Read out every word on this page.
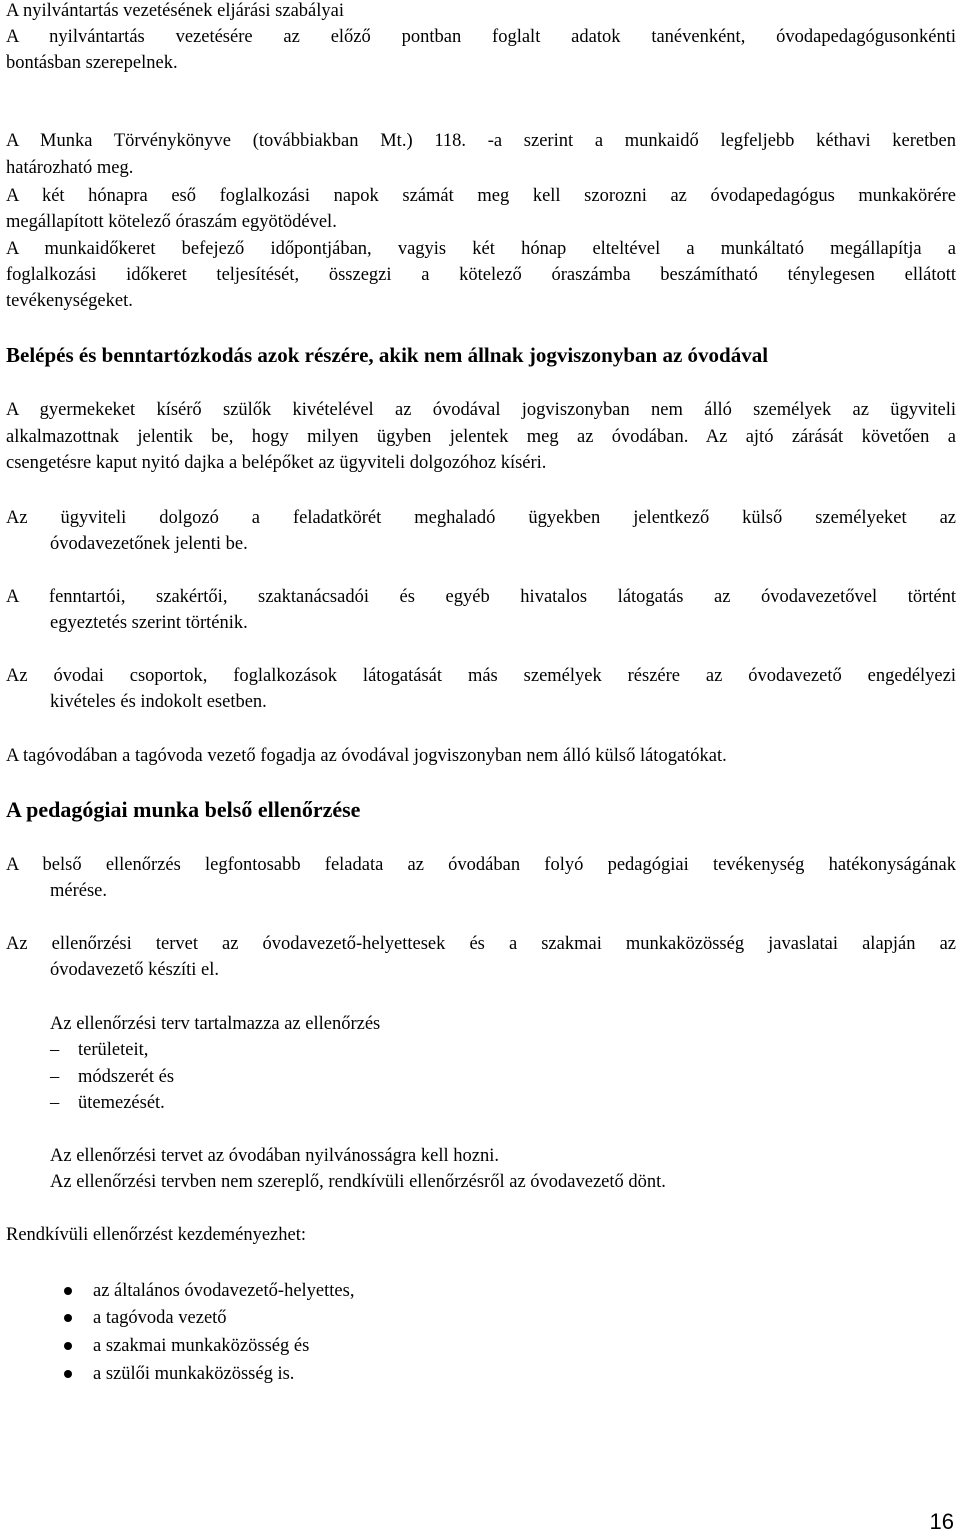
A nyilvántartás vezetésének eljárási szabályai
A nyilvántartás vezetésére az előző pontban foglalt adatok tanévenként, óvodapedagógusonkénti
bontásban szerepelnek.
A Munka Törvénykönyve (továbbiakban Mt.) 118. -a szerint a munkaidő legfeljebb kéthavi keretben
határozható meg.
A két hónapra eső foglalkozási napok számát meg kell szorozni az óvodapedagógus munkakörére
megállapított kötelező óraszám egyötödével.
A munkaidőkeret befejező időpontjában, vagyis két hónap elteltével a munkáltató megállapítja a
foglalkozási időkeret teljesítését, összegzi a kötelező óraszámba beszámítható ténylegesen ellátott
tevékenységeket.
Belépés és benntartózkodás azok részére, akik nem állnak jogviszonyban az óvodával
A gyermekeket kísérő szülők kivételével az óvodával jogviszonyban nem álló személyek az ügyviteli
alkalmazottnak jelentik be, hogy milyen ügyben jelentek meg az óvodában. Az ajtó zárását követően a
csengetésre kaput nyitó dajka a belépőket az ügyviteli dolgozóhoz kíséri.
Az ügyviteli dolgozó a feladatkörét meghaladó ügyekben jelentkező külső személyeket az
óvodavezetőnek jelenti be.
A fenntartói, szakértői, szaktanácsadói és egyéb hivatalos látogatás az óvodavezetővel történt
egyeztetés szerint történik.
Az óvodai csoportok, foglalkozások látogatását más személyek részére az óvodavezető engedélyezi
kivételes és indokolt esetben.
A tagóvodában a tagóvoda vezető fogadja az óvodával jogviszonyban nem álló külső látogatókat.
A pedagógiai munka belső ellenőrzése
A belső ellenőrzés legfontosabb feladata az óvodában folyó pedagógiai tevékenység hatékonyságának
mérése.
Az ellenőrzési tervet az óvodavezető-helyettesek és a szakmai munkaközösség javaslatai alapján az
óvodavezető készíti el.
Az ellenőrzési terv tartalmazza az ellenőrzés
– területeit,
– módszerét és
– ütemezését.
Az ellenőrzési tervet az óvodában nyilvánosságra kell hozni.
Az ellenőrzési tervben nem szereplő, rendkívüli ellenőrzésről az óvodavezető dönt.
Rendkívüli ellenőrzést kezdeményezhet:
az általános óvodavezető-helyettes,
a tagóvoda vezető
a szakmai munkaközösség és
a szülői munkaközösség is.
16
